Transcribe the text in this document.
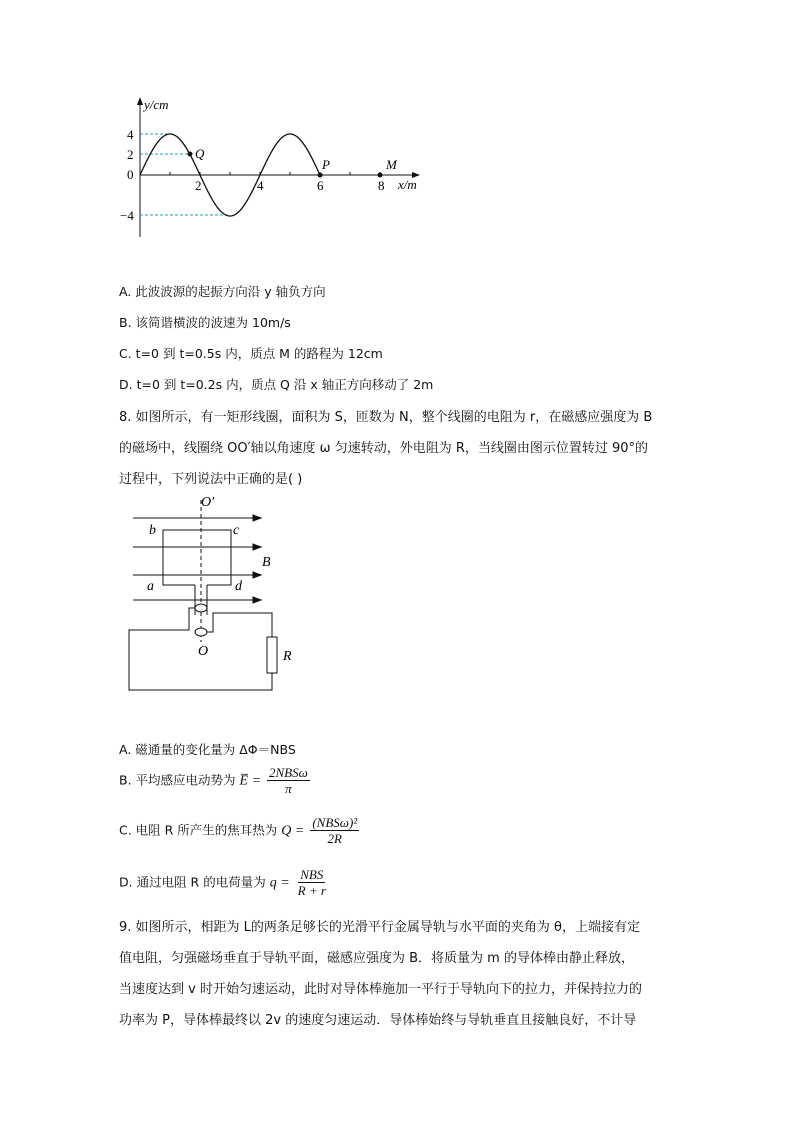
y/cm
x/m
4
2
0
−4
2	4	6	8
Q
P	M
A. 此波波源的起振方向沿 y 轴负方向
B. 该简谐横波的波速为 10m/s
C. t=0 到 t=0.5s 内，质点 M 的路程为 12cm
D. t=0 到 t=0.2s 内，质点 Q 沿 x 轴正方向移动了 2m
8. 如图所示，有一矩形线圈，面积为 S，匝数为 N，整个线圈的电阻为 r，在磁感应强度为 B
的磁场中，线圈绕 OO′轴以角速度 ω 匀速转动，外电阻为 R，当线圈由图示位置转过 90°的
过程中，下列说法中正确的是( )
O′
b	c
B
a	d
O	R
A. 磁通量的变化量为 ΔΦ＝NBS
B. 平均感应电动势为 E̅ = $\frac{\text{2NBSω}}{\pi}$
C. 电阻 R 所产生的焦耳热为 $Q = \frac{\text{(NBSω)²}}{2R}$
D. 通过电阻 R 的电荷量为 $q = \frac{\text{NBS}}{R + r}$
9. 如图所示，相距为 L的两条足够长的光滑平行金属导轨与水平面的夹角为 θ，上端接有定
值电阻，匀强磁场垂直于导轨平面，磁感应强度为 B．将质量为 m 的导体棒由静止释放，
当速度达到 v 时开始匀速运动，此时对导体棒施加一平行于导轨向下的拉力，并保持拉力的
功率为 P，导体棒最终以 2v 的速度匀速运动．导体棒始终与导轨垂直且接触良好，不计导
